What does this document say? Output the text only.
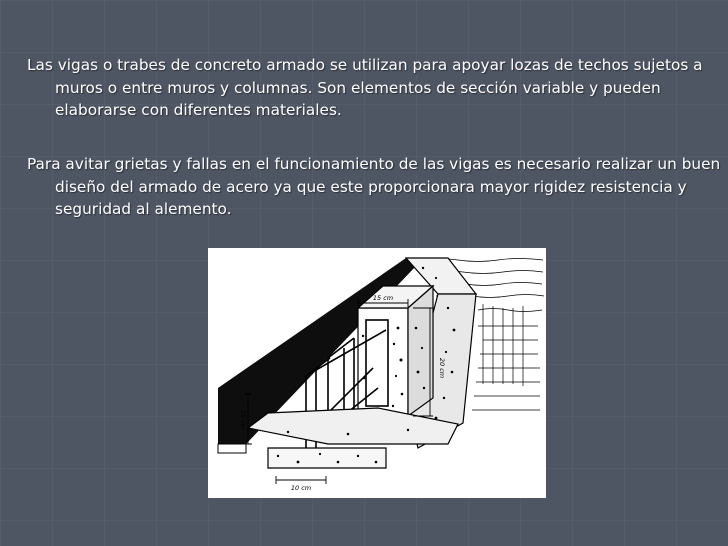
Las vigas o trabes de concreto armado se utilizan para apoyar lozas de techos sujetos a muros o entre muros y columnas. Son elementos de sección variable y pueden elaborarse con diferentes materiales.

Para avitar grietas y fallas en el funcionamiento de las vigas es necesario realizar un buen diseño del armado de acero ya que este proporcionara mayor rigidez resistencia y seguridad al alemento.

15 cm
20 cm
15 cm
10 cm
